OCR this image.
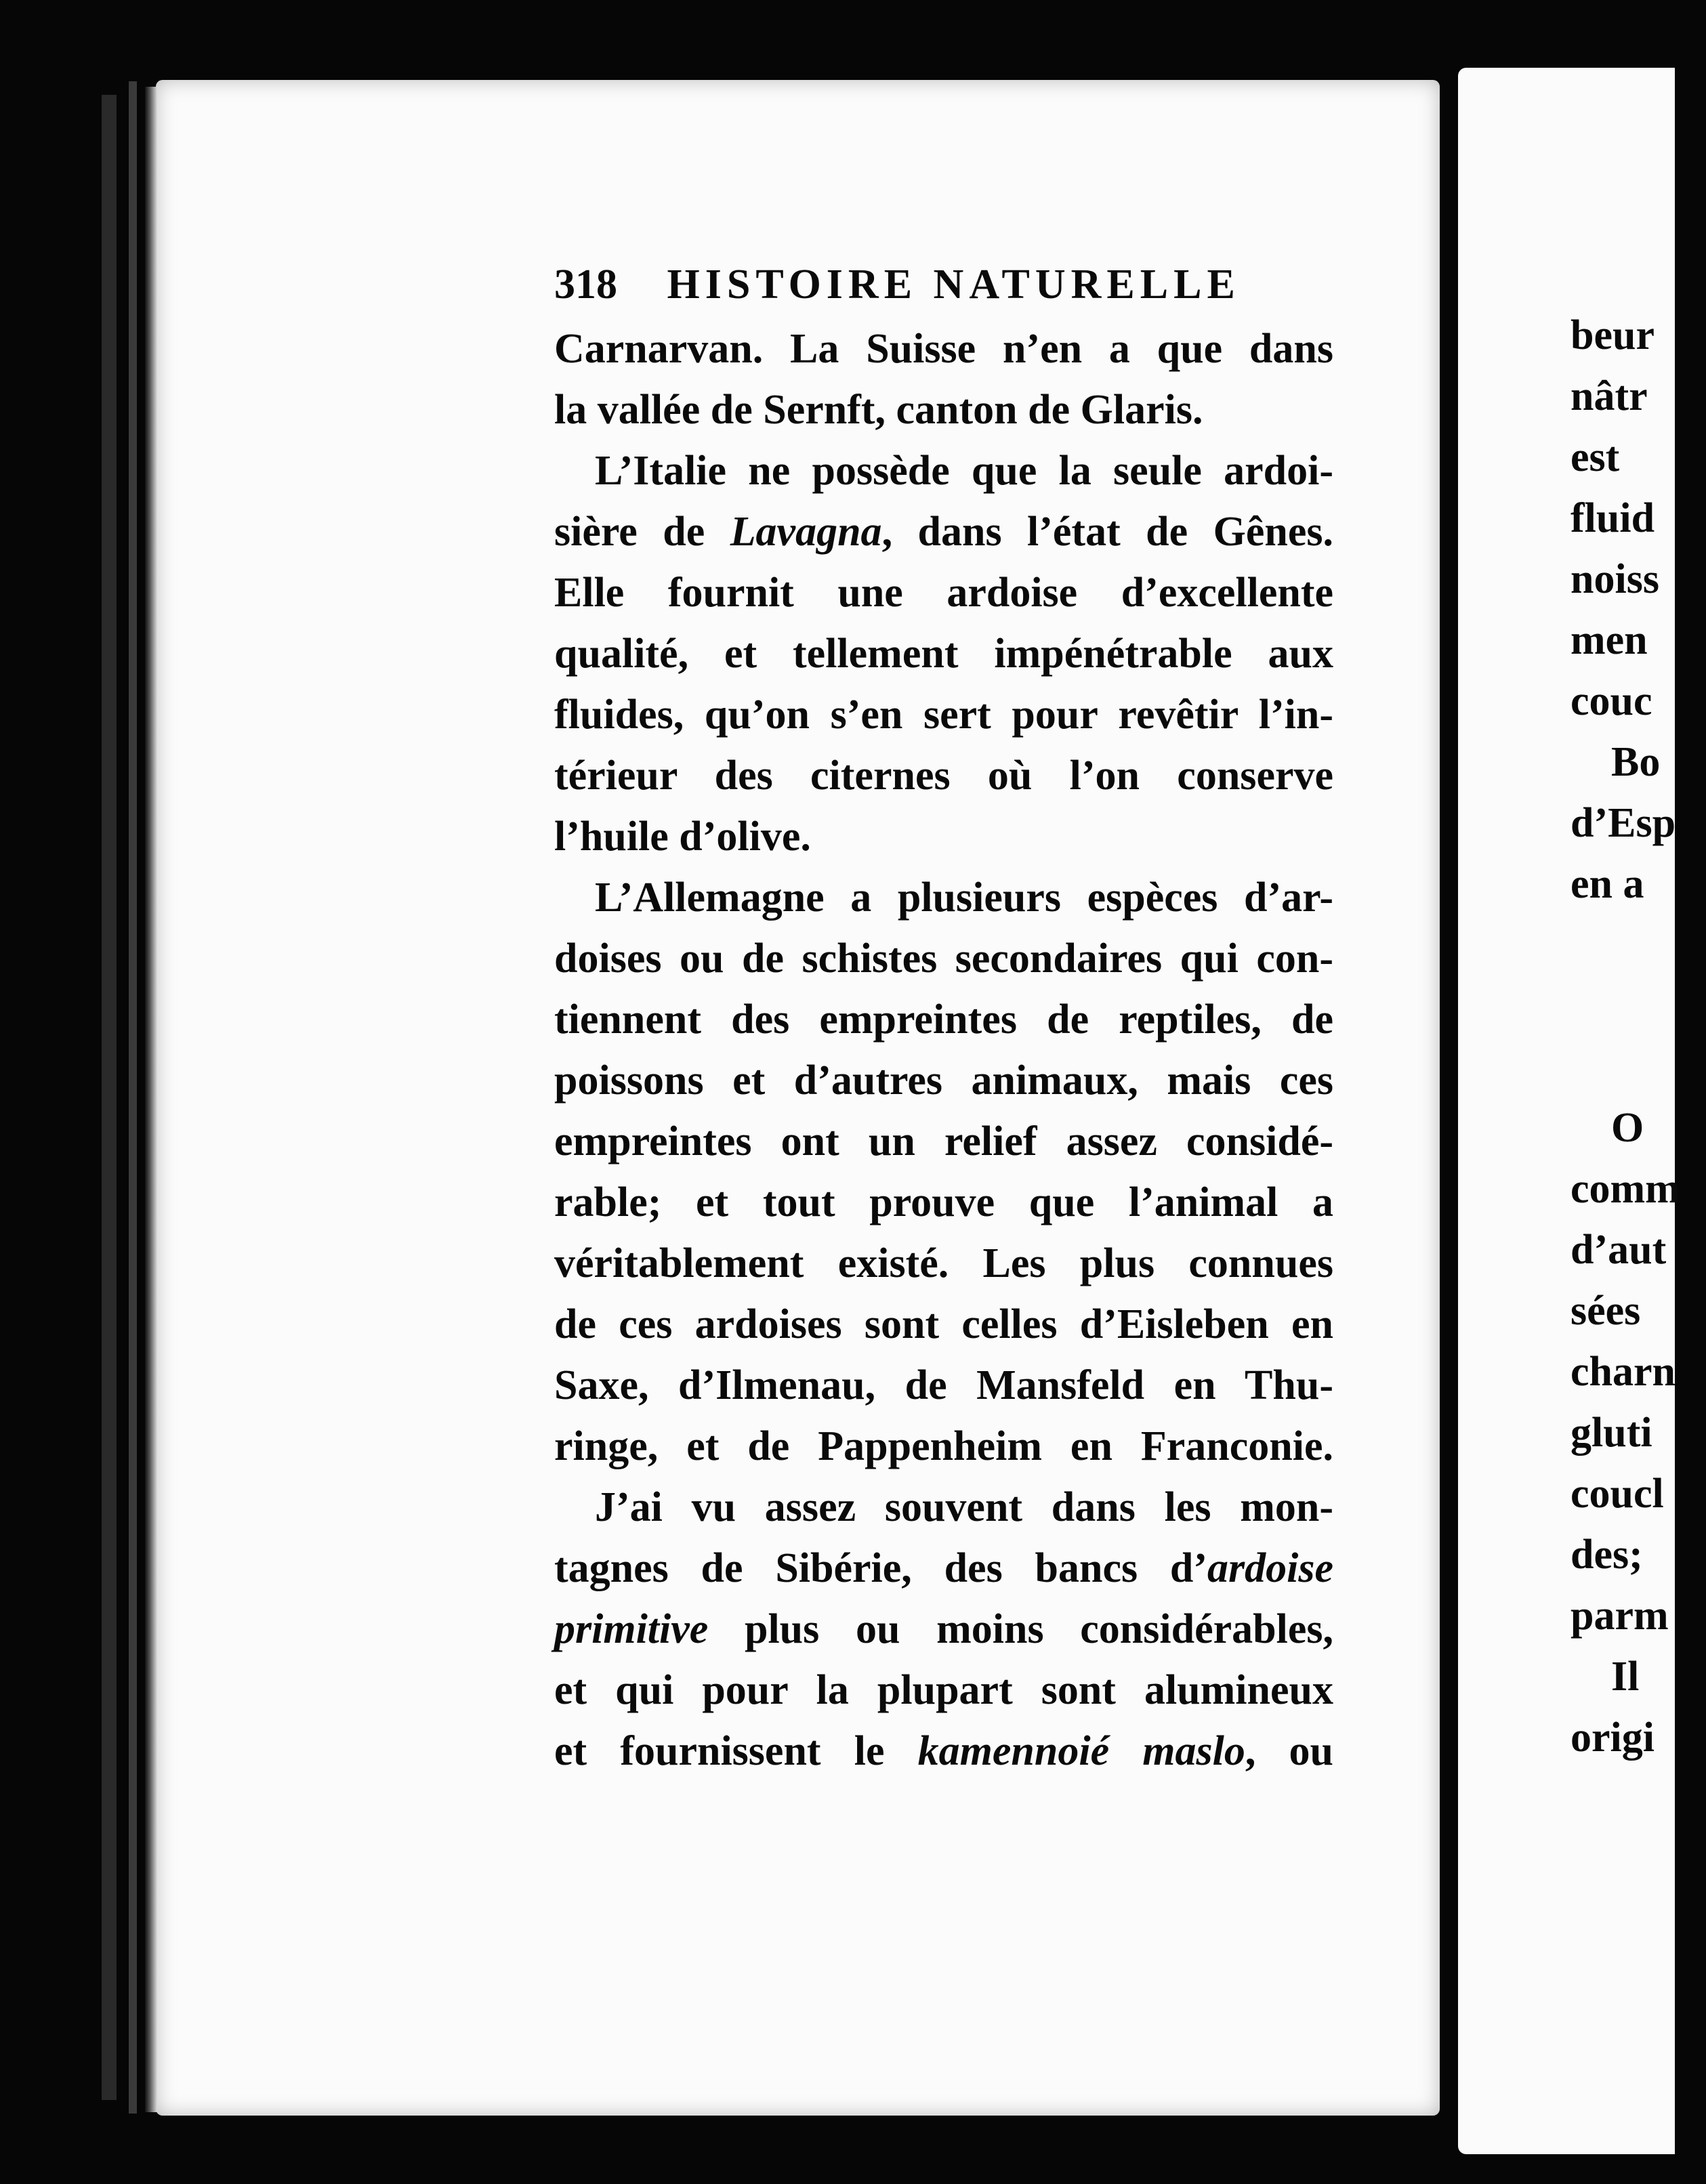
318 HISTOIRE NATURELLE
Carnarvan. La Suisse n’en a que dans
la vallée de Sernft, canton de Glaris.
L’Italie ne possède que la seule ardoi-
sière de Lavagna, dans l’état de Gênes.
Elle fournit une ardoise d’excellente
qualité, et tellement impénétrable aux
fluides, qu’on s’en sert pour revêtir l’in-
térieur des citernes où l’on conserve
l’huile d’olive.
L’Allemagne a plusieurs espèces d’ar-
doises ou de schistes secondaires qui con-
tiennent des empreintes de reptiles, de
poissons et d’autres animaux, mais ces
empreintes ont un relief assez considé-
rable; et tout prouve que l’animal a
véritablement existé. Les plus connues
de ces ardoises sont celles d’Eisleben en
Saxe, d’Ilmenau, de Mansfeld en Thu-
ringe, et de Pappenheim en Franconie.
J’ai vu assez souvent dans les mon-
tagnes de Sibérie, des bancs d’ardoise
primitive plus ou moins considérables,
et qui pour la plupart sont alumineux
et fournissent le kamennoié maslo, ou
beur
nâtr
est
fluid
noiss
men
couc
Bo
d’Esp
en a
O
comm
d’aut
sées
charn
gluti
coucl
des;
parm
Il
origi
